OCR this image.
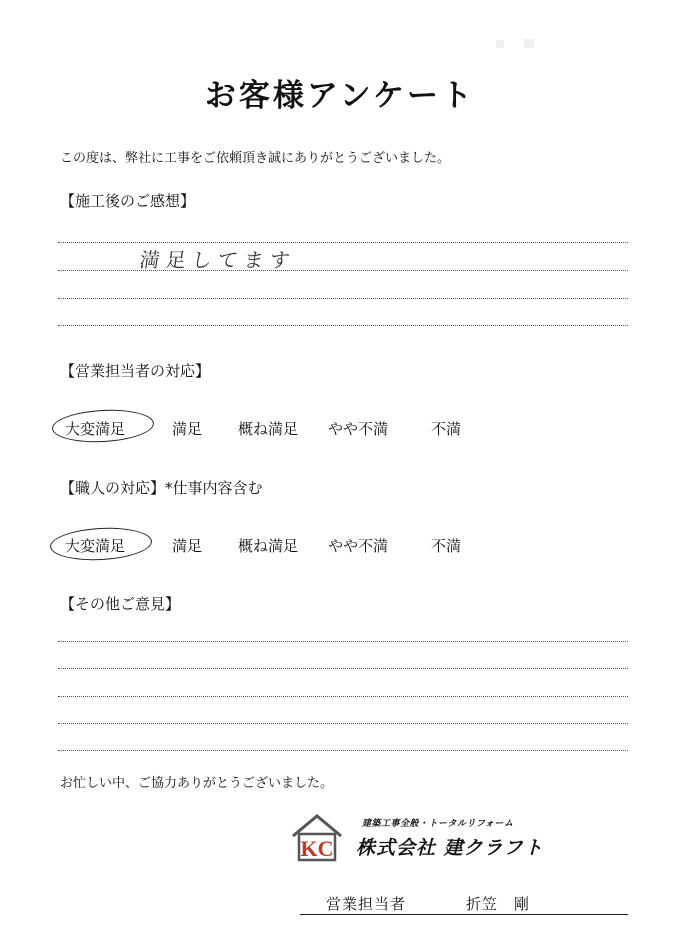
お客様アンケート
この度は、弊社に工事をご依頼頂き誠にありがとうございました。
【施工後のご感想】
満足してます
【営業担当者の対応】
大変満足	満足 概ね満足 やや不満	不満
【職人の対応】*仕事内容含む
大変満足	満足 概ね満足 やや不満	不満
【その他ご意見】
お忙しい中、ご協力ありがとうございました。
KC
建築工事全般・トータルリフォーム
株式会社 建クラフト
営業担当者	折笠　剛
